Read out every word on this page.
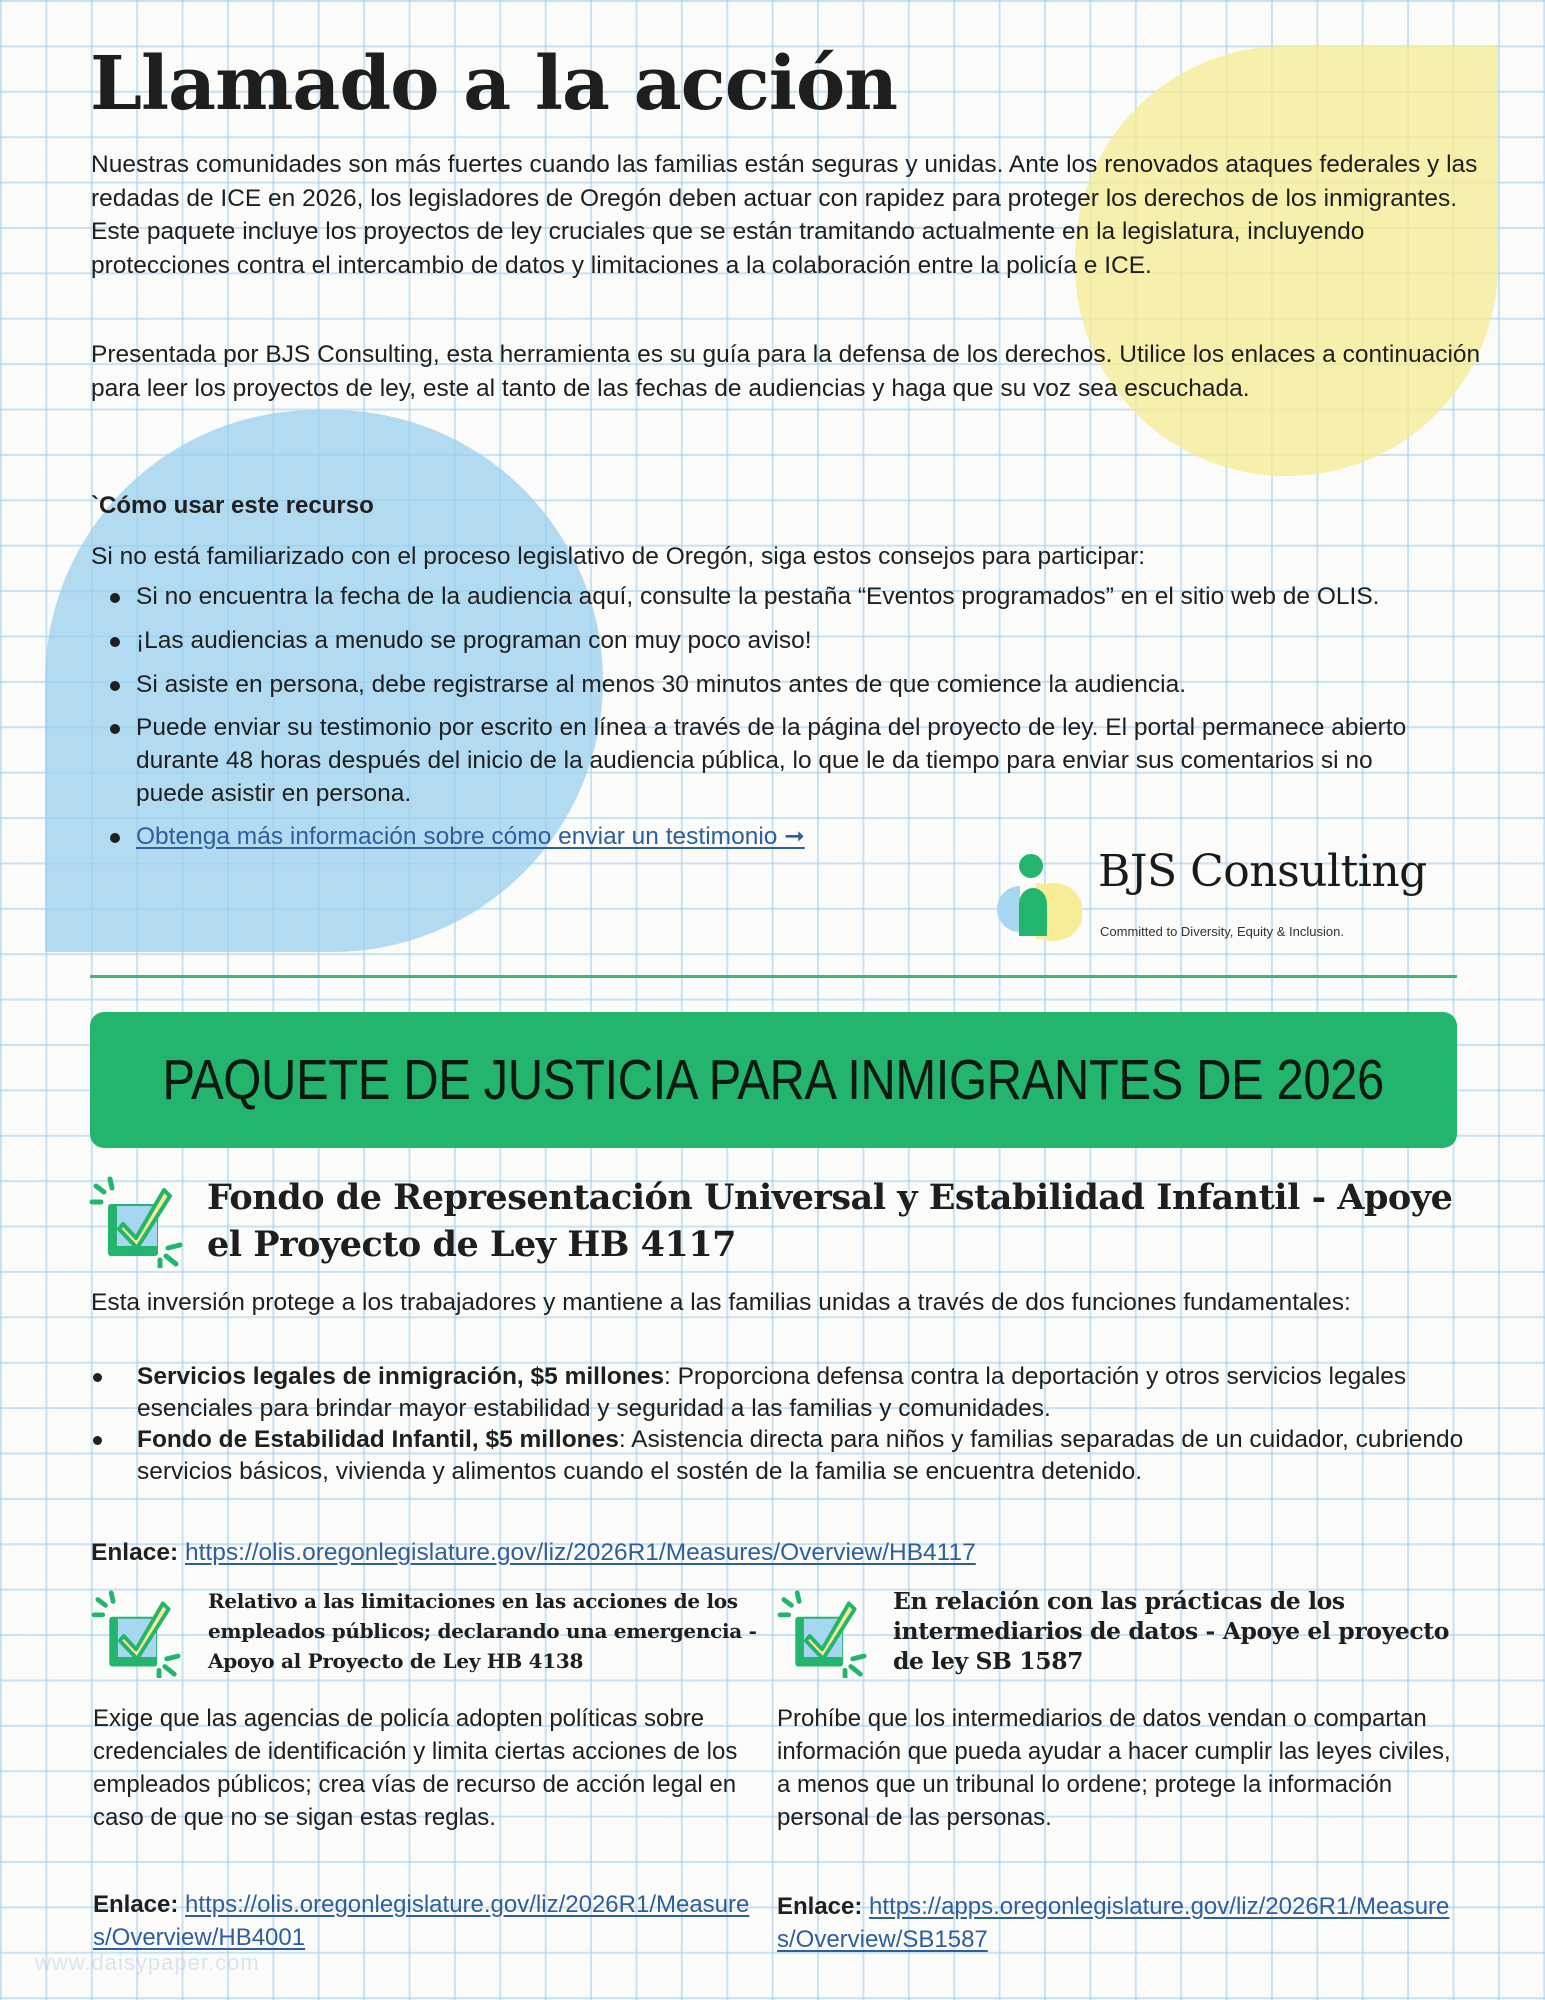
Llamado a la acción

Nuestras comunidades son más fuertes cuando las familias están seguras y unidas. Ante los renovados ataques federales y las redadas de ICE en 2026, los legisladores de Oregón deben actuar con rapidez para proteger los derechos de los inmigrantes. Este paquete incluye los proyectos de ley cruciales que se están tramitando actualmente en la legislatura, incluyendo protecciones contra el intercambio de datos y limitaciones a la colaboración entre la policía e ICE.

Presentada por BJS Consulting, esta herramienta es su guía para la defensa de los derechos. Utilice los enlaces a continuación para leer los proyectos de ley, este al tanto de las fechas de audiencias y haga que su voz sea escuchada.

`Cómo usar este recurso

Si no está familiarizado con el proceso legislativo de Oregón, siga estos consejos para participar:

Si no encuentra la fecha de la audiencia aquí, consulte la pestaña “Eventos programados” en el sitio web de OLIS.
¡Las audiencias a menudo se programan con muy poco aviso!
Si asiste en persona, debe registrarse al menos 30 minutos antes de que comience la audiencia.
Puede enviar su testimonio por escrito en línea a través de la página del proyecto de ley. El portal permanece abierto durante 48 horas después del inicio de la audiencia pública, lo que le da tiempo para enviar sus comentarios si no puede asistir en persona.
Obtenga más información sobre cómo enviar un testimonio ➞
BJS Consulting
Committed to Diversity, Equity & Inclusion.
PAQUETE DE JUSTICIA PARA INMIGRANTES DE 2026
Fondo de Representación Universal y Estabilidad Infantil - Apoye el Proyecto de Ley HB 4117

Esta inversión protege a los trabajadores y mantiene a las familias unidas a través de dos funciones fundamentales:

Servicios legales de inmigración, $5 millones: Proporciona defensa contra la deportación y otros servicios legales esenciales para brindar mayor estabilidad y seguridad a las familias y comunidades.
Fondo de Estabilidad Infantil, $5 millones: Asistencia directa para niños y familias separadas de un cuidador, cubriendo servicios básicos, vivienda y alimentos cuando el sostén de la familia se encuentra detenido.

Enlace: https://olis.oregonlegislature.gov/liz/2026R1/Measures/Overview/HB4117

Relativo a las limitaciones en las acciones de los empleados públicos; declarando una emergencia - Apoyo al Proyecto de Ley HB 4138

Exige que las agencias de policía adopten políticas sobre credenciales de identificación y limita ciertas acciones de los empleados públicos; crea vías de recurso de acción legal en caso de que no se sigan estas reglas.

Enlace: https://olis.oregonlegislature.gov/liz/2026R1/Measures/Overview/HB4001

En relación con las prácticas de los intermediarios de datos - Apoye el proyecto de ley SB 1587

Prohíbe que los intermediarios de datos vendan o compartan información que pueda ayudar a hacer cumplir las leyes civiles, a menos que un tribunal lo ordene; protege la información personal de las personas.

Enlace: https://apps.oregonlegislature.gov/liz/2026R1/Measures/Overview/SB1587

www.daisypaper.com
